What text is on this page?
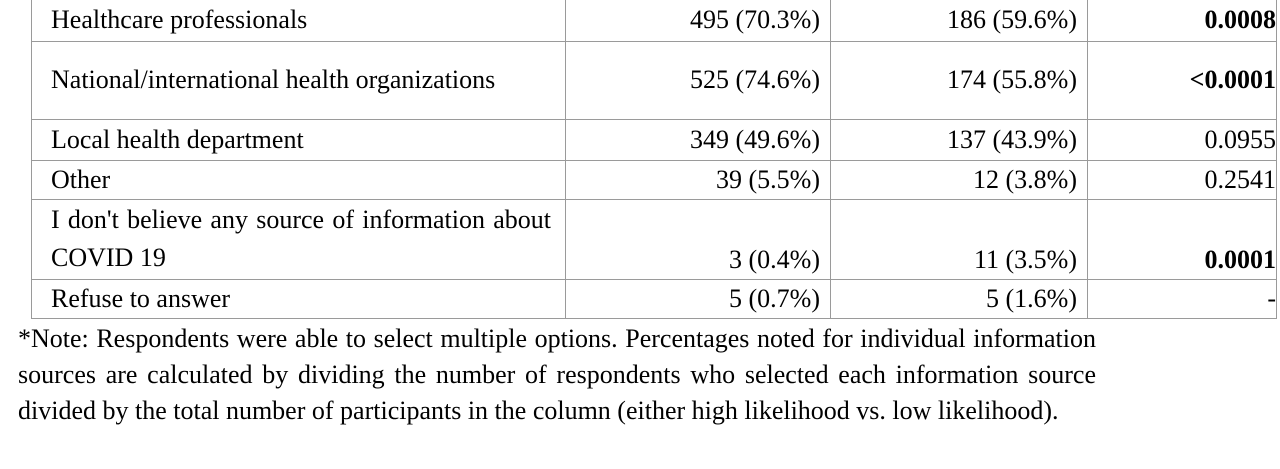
Healthcare professionals	495 (70.3%)	186 (59.6%)	0.0008
National/international health organizations	525 (74.6%)	174 (55.8%)	<0.0001
Local health department	349 (49.6%)	137 (43.9%)	0.0955
Other	39 (5.5%)	12 (3.8%)	0.2541
I don't believe any source of information about COVID 19	3 (0.4%)	11 (3.5%)	0.0001
Refuse to answer	5 (0.7%)	5 (1.6%)	-
*Note: Respondents were able to select multiple options. Percentages noted for individual information sources are calculated by dividing the number of respondents who selected each information source divided by the total number of participants in the column (either high likelihood vs. low likelihood).
